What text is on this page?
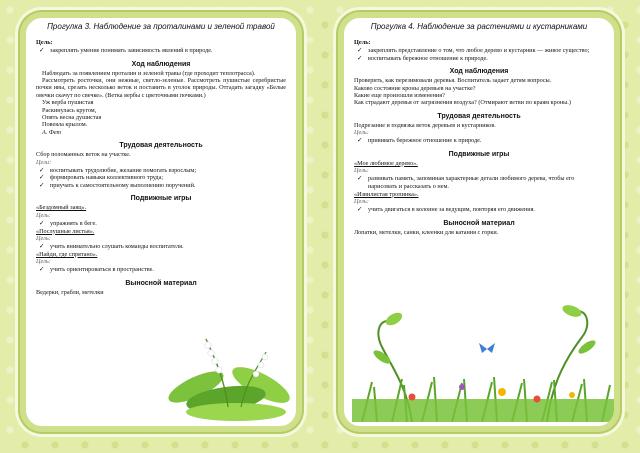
Прогулка 3. Наблюдение за проталинами и зеленой травой
Цель:
✓ закреплять умение понимать зависимость явлений в природе.
Ход наблюдения

Наблюдать за появлением проталин и зеленой травы (где проходит теплотрасса).

Рассмотреть росточки, они нежные, светло-зеленые. Рассмотреть пушистые серебристые почки ивы, срезать несколько веток и поставить в уголок природы. Отгадать загадку «Белые овечки скачут по свечке». (Ветка вербы с цветочными почками.)

Уж верба пушистая
Раскинулась кругом,
Опять весна душистая
Повеяла крылом.
А. Фет
Трудовая деятельность

Сбор поломанных веток на участке.

Цели:
✓ воспитывать трудолюбие, желание помогать взрослым;
✓ формировать навыки коллективного труда;
✓ приучать к самостоятельному выполнению поручений.
Подвижные игры
«Бездомный заяц».
Цель:
✓ упражнять в беге.
«Послушные листья».
Цель:
✓ учить внимательно слушать команды воспитателя.
«Найди, где спрятано».
Цель:
✓ учить ориентироваться в пространстве.
Выносной материал

Ведерки, грабли, метелки

Прогулка 4. Наблюдение за растениями и кустарниками
Цель:
✓ закреплять представление о том, что любое дерево и кустарник — живое существо;
✓ воспитывать бережное отношение к природе.
Ход наблюдения

Проверить, как перезимовали деревья. Воспитатель задает детям вопросы.

Каково состояние кроны деревьев на участке?

Какие еще произошли изменения?

Как страдают деревья от загрязнения воздуха? (Отмирают ветви по краям кроны.)

Трудовая деятельность

Подрезание и подвязка веток деревьев и кустарников.

Цель:
✓ прививать бережное отношение к природе.
Подвижные игры
«Мое любимое дерево».
Цель:
✓ развивать память, запоминая характерные детали любимого дерева, чтобы его нарисовать и рассказать о нем.
«Извилистая тропинка».
Цель:
✓ учить двигаться в колонне за ведущим, повторяя его движения.
Выносной материал

Лопатки, метелки, санки, клеенки для катания с горки.
